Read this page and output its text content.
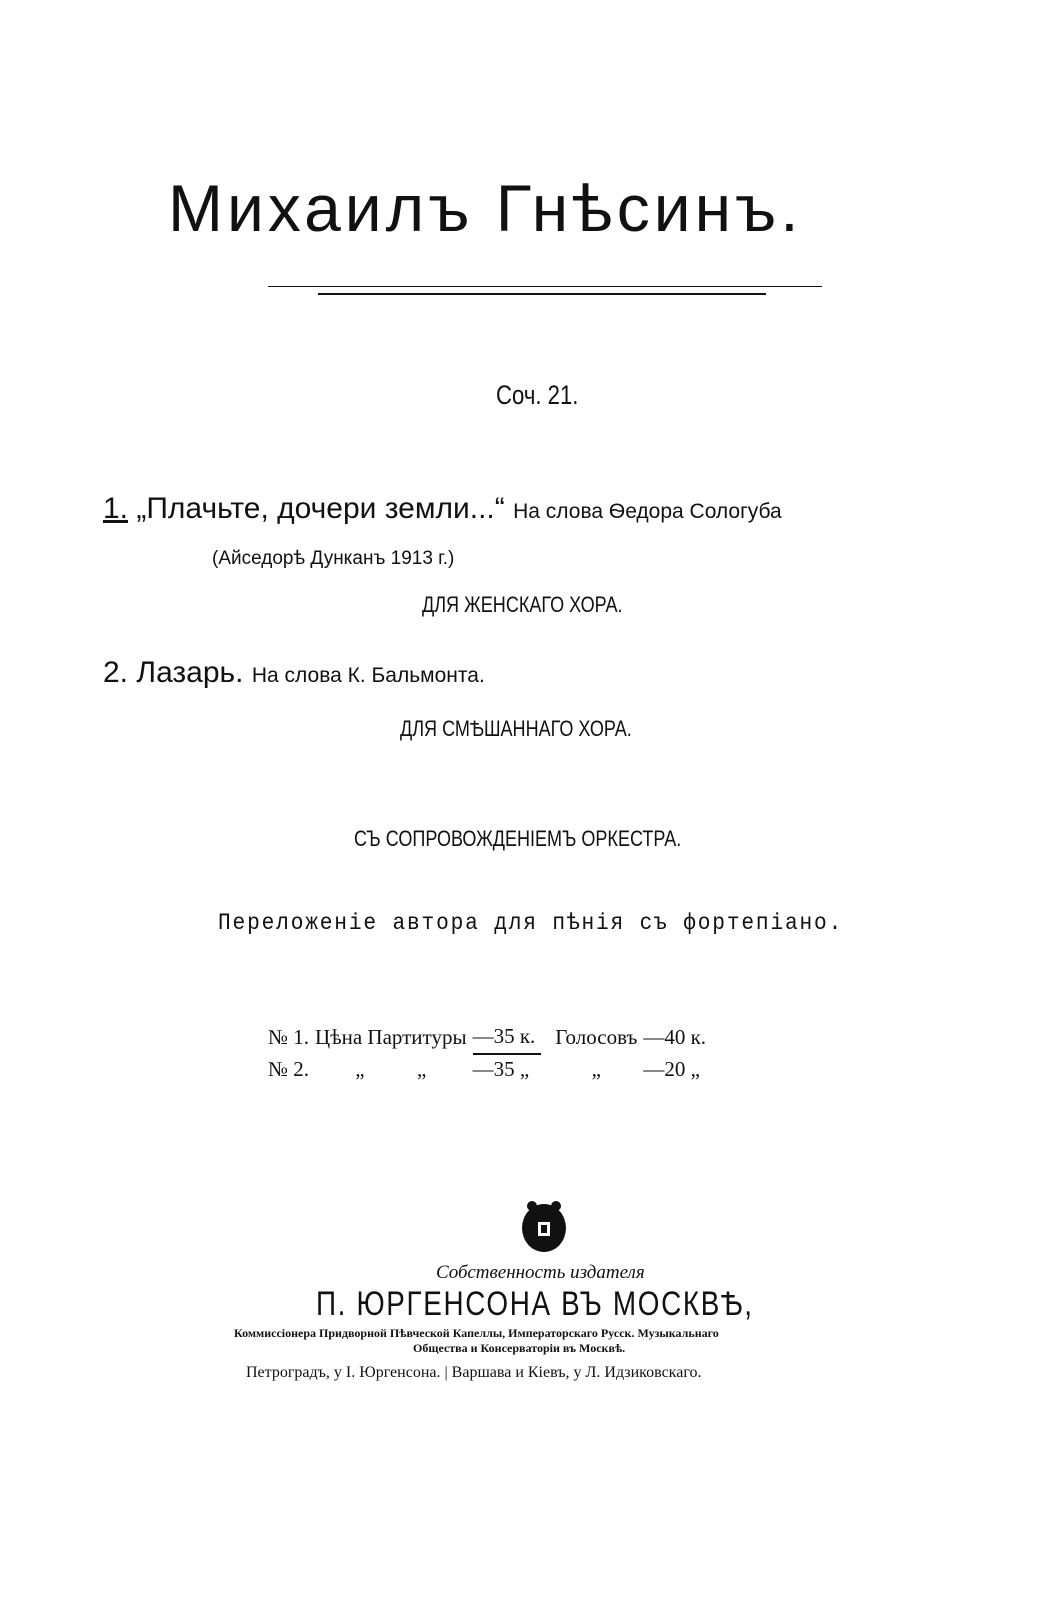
Михаилъ Гнѣсинъ.
Соч. 21.
1. „Плачьте, дочери земли...“ На слова Ѳедора Сологуба
(Айседорѣ Дунканъ 1913 г.)
ДЛЯ ЖЕНСКАГО ХОРА.
2. Лазарь. На слова К. Бальмонта.
ДЛЯ СМѢШАННАГО ХОРА.
СЪ СОПРОВОЖДЕНІЕМЪ ОРКЕСТРА.
Переложеніе автора для пѣнія съ фортепіано.
№ 1.	Цѣна Партитуры	—35 к.	Голосовъ	—40 к.
№ 2.	„          „	—35 „	„	—20 „
Собственность издателя
П. ЮРГЕНСОНА ВЪ МОСКВѢ,
Коммиссіонера Придворной Пѣвческой Капеллы, Императорскаго Русск. Музыкальнаго
Общества и Консерваторіи въ Москвѣ.
Петроградъ, у І. Юргенсона. | Варшава и Кіевъ, у Л. Идзиковскаго.
